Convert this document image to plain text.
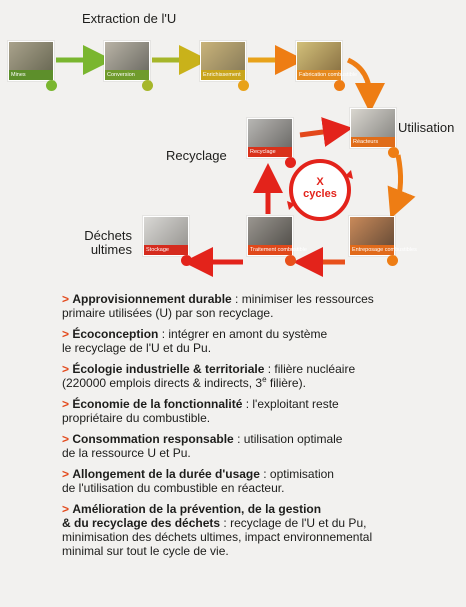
Extraction de l'U
Utilisation
Recyclage
Déchets
ultimes
X
cycles
Mines	Conversion	Enrichissement	Fabrication combustible
Réacteurs
Entreposage combustibles
Traitement combustible
Recyclage
Stockage
> Approvisionnement durable : minimiser les ressources
primaire utilisées (U) par son recyclage.
> Écoconception : intégrer en amont du système
le recyclage de l'U et du Pu.
> Écologie industrielle & territoriale : filière nucléaire
(220000 emplois directs & indirects, 3e filière).
> Économie de la fonctionnalité : l'exploitant reste
propriétaire du combustible.
> Consommation responsable : utilisation optimale
de la ressource U et Pu.
> Allongement de la durée d'usage : optimisation
de l'utilisation du combustible en réacteur.
> Amélioration de la prévention, de la gestion
& du recyclage des déchets : recyclage de l'U et du Pu,
minimisation des déchets ultimes, impact environnemental
minimal sur tout le cycle de vie.
